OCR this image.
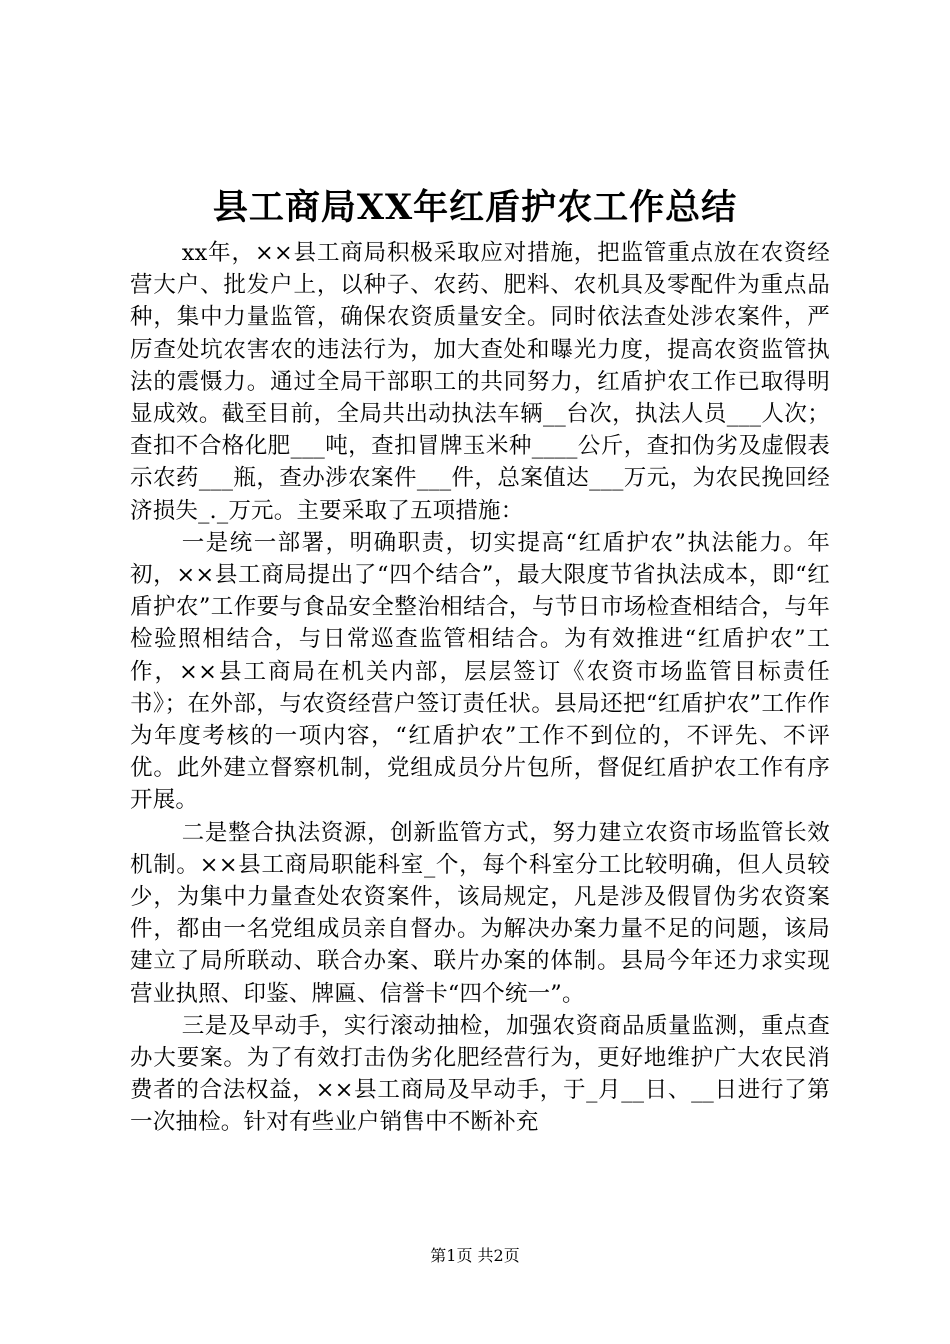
县工商局XX年红盾护农工作总结

xx年，××县工商局积极采取应对措施，把监管重点放在农资经营大户、批发户上，以种子、农药、肥料、农机具及零配件为重点品种，集中力量监管，确保农资质量安全。同时依法查处涉农案件，严厉查处坑农害农的违法行为，加大查处和曝光力度，提高农资监管执法的震慑力。通过全局干部职工的共同努力，红盾护农工作已取得明显成效。截至目前，全局共出动执法车辆__台次，执法人员___人次；查扣不合格化肥___吨，查扣冒牌玉米种____公斤，查扣伪劣及虚假表示农药___瓶，查办涉农案件___件，总案值达___万元，为农民挽回经济损失_._万元。主要采取了五项措施：

一是统一部署，明确职责，切实提高“红盾护农”执法能力。年初，××县工商局提出了“四个结合”，最大限度节省执法成本，即“红盾护农”工作要与食品安全整治相结合，与节日市场检查相结合，与年检验照相结合，与日常巡查监管相结合。为有效推进“红盾护农”工作，××县工商局在机关内部，层层签订《农资市场监管目标责任书》；在外部，与农资经营户签订责任状。县局还把“红盾护农”工作作为年度考核的一项内容，“红盾护农”工作不到位的，不评先、不评优。此外建立督察机制，党组成员分片包所，督促红盾护农工作有序开展。

二是整合执法资源，创新监管方式，努力建立农资市场监管长效机制。××县工商局职能科室_个，每个科室分工比较明确，但人员较少，为集中力量查处农资案件，该局规定，凡是涉及假冒伪劣农资案件，都由一名党组成员亲自督办。为解决办案力量不足的问题，该局建立了局所联动、联合办案、联片办案的体制。县局今年还力求实现营业执照、印鉴、牌匾、信誉卡“四个统一”。

三是及早动手，实行滚动抽检，加强农资商品质量监测，重点查办大要案。为了有效打击伪劣化肥经营行为，更好地维护广大农民消费者的合法权益，××县工商局及早动手，于_月__日、__日进行了第一次抽检。针对有些业户销售中不断补充

第1页 共2页
